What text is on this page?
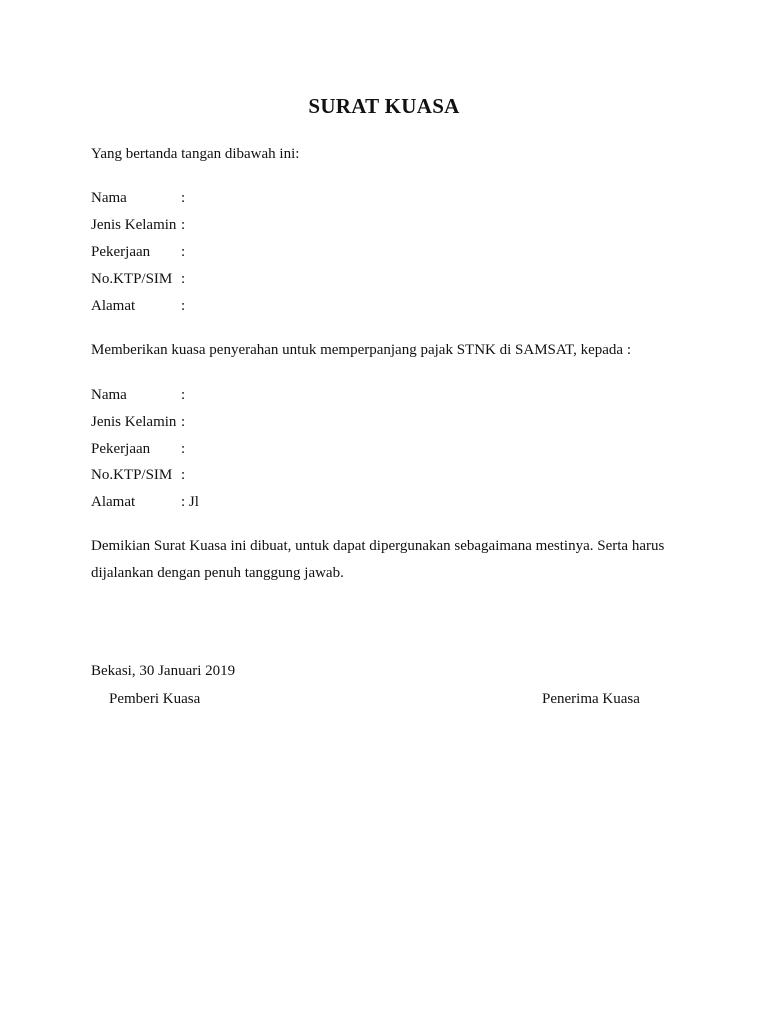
SURAT KUASA
Yang bertanda tangan dibawah ini:
Nama	:
Jenis Kelamin :
Pekerjaan :
No.KTP/SIM :
Alamat	:
Memberikan kuasa penyerahan untuk memperpanjang pajak STNK di SAMSAT, kepada :
Nama	:
Jenis Kelamin :
Pekerjaan :
No.KTP/SIM :
Alamat	: Jl
Demikian Surat Kuasa ini dibuat, untuk dapat dipergunakan sebagaimana mestinya. Serta harus dijalankan dengan penuh tanggung jawab.
Bekasi, 30 Januari 2019
Pemberi Kuasa	Penerima Kuasa
